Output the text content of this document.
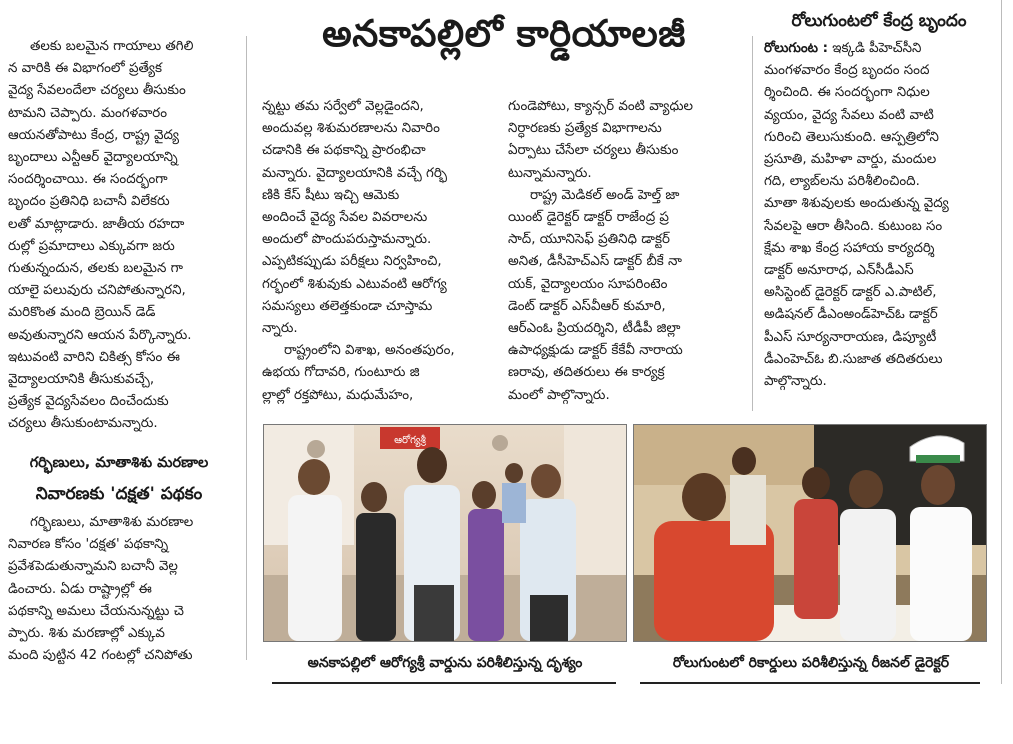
అనకాపల్లిలో కార్డియాలజీ	రోలుగుంటలో కేంద్ర బృందం

తలకు బలమైన గాయాలు తగిలి

న వారికి ఈ విభాగంలో ప్రత్యేక

వైద్య సేవలందేలా చర్యలు తీసుకుం

టామని చెప్పారు. మంగళవారం

ఆయనతోపాటు కేంద్ర, రాష్ట్ర వైద్య

బృందాలు ఎన్టీఆర్ వైద్యాలయాన్ని

సందర్శించాయి. ఈ సందర్భంగా

బృందం ప్రతినిధి బచానీ విలేకరు

లతో మాట్లాడారు. జాతీయ రహదా

రుల్లో ప్రమాదాలు ఎక్కువగా జరు

గుతున్నందున, తలకు బలమైన గా

యాలై పలువురు చనిపోతున్నారని,

మరికొంత మంది బ్రెయిన్ డెడ్

అవుతున్నారని ఆయన పేర్కొన్నారు.

ఇటువంటి వారిని చికిత్స కోసం ఈ

వైద్యాలయానికి తీసుకువచ్చే,

ప్రత్యేక వైద్యసేవలం దించేందుకు

చర్యలు తీసుకుంటామన్నారు.

గర్భిణులు, మాతాశిశు మరణాల
నివారణకు 'దక్షత' పథకం

గర్భిణులు, మాతాశిశు మరణాల

నివారణ కోసం 'దక్షత' పథకాన్ని

ప్రవేశపెడుతున్నామని బచానీ వెల్ల

డించారు. ఏడు రాష్ట్రాల్లో ఈ

పథకాన్ని అమలు చేయనున్నట్టు చె

ప్పారు. శిశు మరణాల్లో ఎక్కువ

మంది పుట్టిన 42 గంటల్లో చనిపోతు

న్నట్టు తమ సర్వేలో వెల్లడైందని,

అందువల్ల శిశుమరణాలను నివారిం

చడానికి ఈ పథకాన్ని ప్రారంభిచా

మన్నారు. వైద్యాలయానికి వచ్చే గర్భి

ణికి కేస్ షీటు ఇచ్చి ఆమెకు

అందించే వైద్య సేవల వివరాలను

అందులో పొందుపరుస్తామన్నారు.

ఎప్పటికప్పుడు పరీక్షలు నిర్వహించి,

గర్భంలో శిశువుకు ఎటువంటి ఆరోగ్య

సమస్యలు తలెత్తకుండా చూస్తామ

న్నారు.

రాష్ట్రంలోని విశాఖ, అనంతపురం,

ఉభయ గోదావరి, గుంటూరు జి

ల్లాల్లో రక్తపోటు, మధుమేహం,

గుండెపోటు, క్యాన్సర్ వంటి వ్యాధుల

నిర్ధారణకు ప్రత్యేక విభాగాలను

ఏర్పాటు చేసేలా చర్యలు తీసుకుం

టున్నామన్నారు.

రాష్ట్ర మెడికల్ అండ్ హెల్త్ జా

యింట్ డైరెక్టర్ డాక్టర్ రాజేంద్ర ప్ర

సాద్, యూనిసెఫ్ ప్రతినిధి డాక్టర్

అనిత, డీసీహెచ్‌ఎస్ డాక్టర్ బీకే నా

యక్, వైద్యాలయం సూపరింటెం

డెంట్ డాక్టర్ ఎస్‌వీఆర్ కుమారి,

ఆర్‌ఎంఓ ప్రియదర్శిని, టీడీపీ జిల్లా

ఉపాధ్యక్షుడు డాక్టర్ కేకేవీ నారాయ

ణరావు, తదితరులు ఈ కార్యక్ర

మంలో పాల్గొన్నారు.

రోలుగుంట : ఇక్కడి పీహెచ్‌సీని

మంగళవారం కేంద్ర బృందం సంద

ర్శించింది. ఈ సందర్భంగా నిధుల

వ్యయం, వైద్య సేవలు వంటి వాటి

గురించి తెలుసుకుంది. ఆస్పత్రిలోని

ప్రసూతి, మహిళా వార్డు, మందుల

గది, ల్యాబ్‌లను పరిశీలించింది.

మాతా శిశువులకు అందుతున్న వైద్య

సేవలపై ఆరా తీసింది. కుటుంబ సం

క్షేమ శాఖ కేంద్ర సహాయ కార్యదర్శి

డాక్టర్ అనూరాధ, ఎన్‌సీడీఎస్

అసిస్టెంట్ డైరెక్టర్ డాక్టర్ ఎ.పాటిల్,

అడిషనల్ డీఎంఅండ్‌హెచ్‌ఓ డాక్టర్

పీఎస్ సూర్యనారాయణ, డిప్యూటీ

డీఎంహెచ్‌ఓ బి.సుజాత తదితరులు

పాల్గొన్నారు.

ఆరోగ్యశ్రీ
అనకాపల్లిలో ఆరోగ్యశ్రీ వార్డును పరిశీలిస్తున్న దృశ్యం	రోలుగుంటలో రికార్డులు పరిశీలిస్తున్న రీజనల్ డైరెక్టర్
